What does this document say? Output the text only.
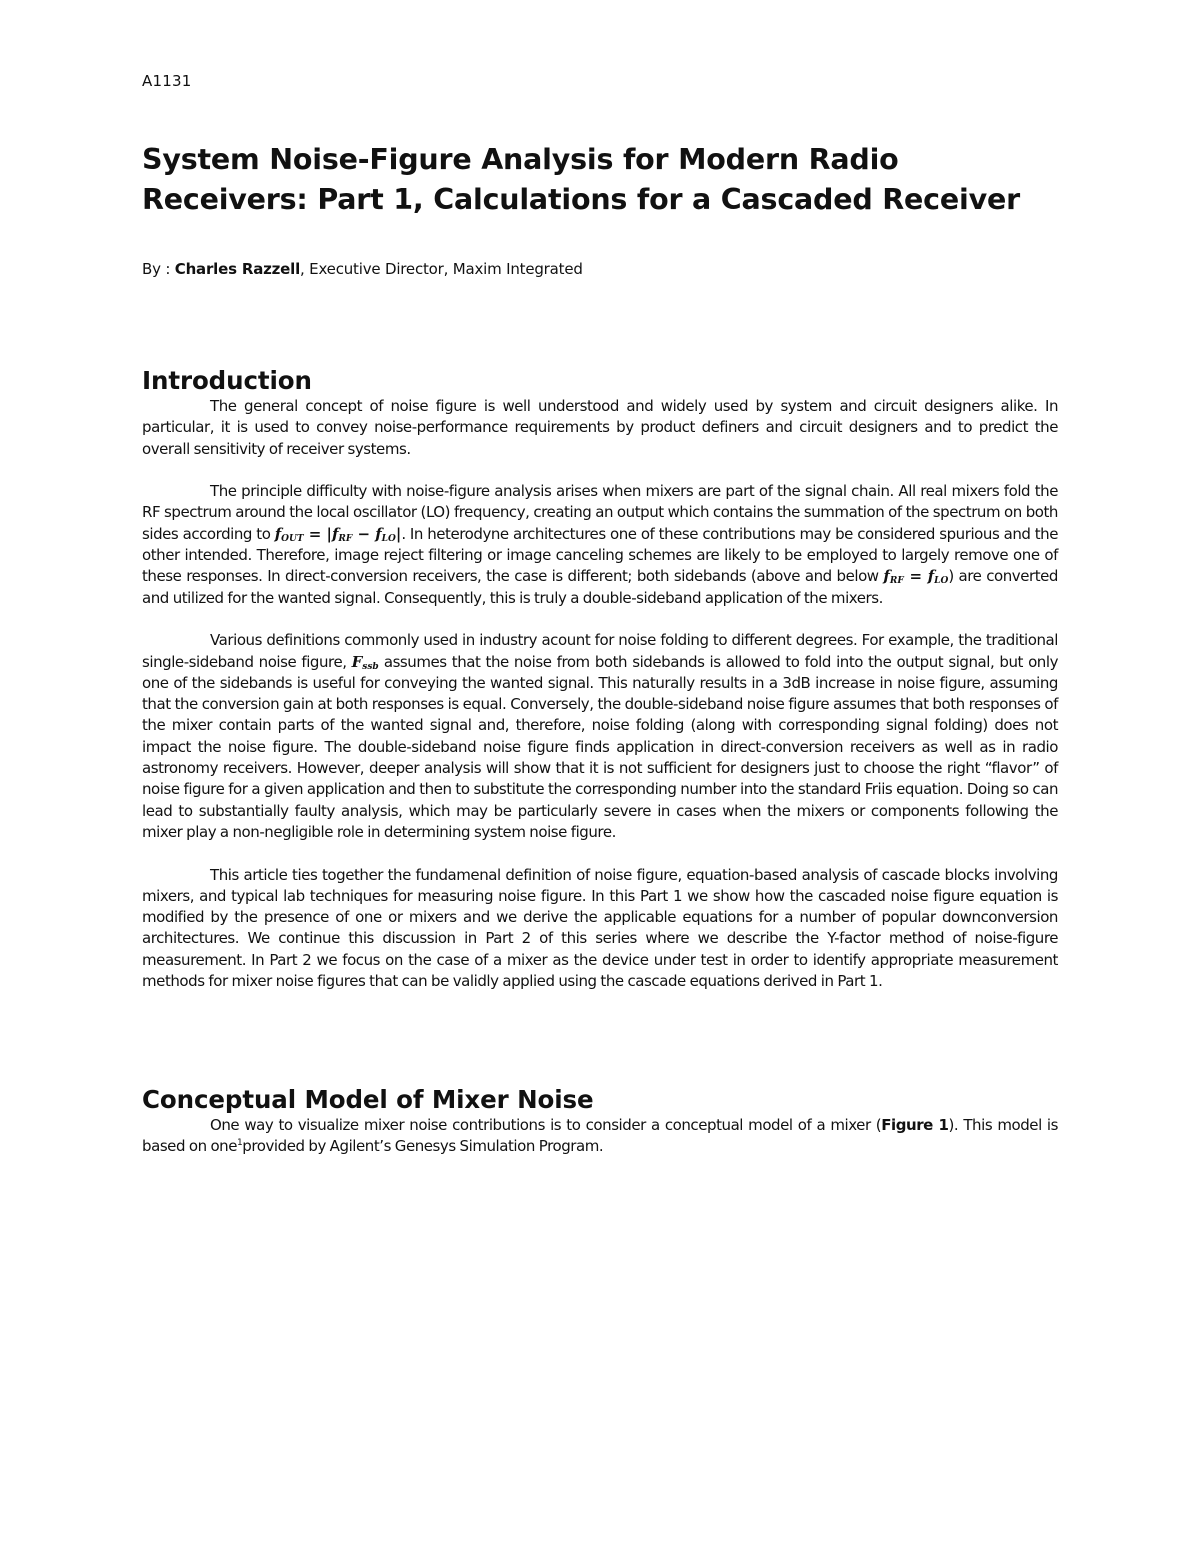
A1131
System Noise-Figure Analysis for Modern Radio
Receivers: Part 1, Calculations for a Cascaded Receiver
By : Charles Razzell, Executive Director, Maxim Integrated
Introduction

The general concept of noise figure is well understood and widely used by system and circuit designers alike. In particular, it is used to convey noise-performance requirements by product definers and circuit designers and to predict the overall sensitivity of receiver systems.

The principle difficulty with noise-figure analysis arises when mixers are part of the signal chain. All real mixers fold the RF spectrum around the local oscillator (LO) frequency, creating an output which contains the summation of the spectrum on both sides according to $f_{OUT} = |f_{RF} - f_{LO}|$. In heterodyne architectures one of these contributions may be considered spurious and the other intended. Therefore, image reject filtering or image canceling schemes are likely to be employed to largely remove one of these responses. In direct-conversion receivers, the case is different; both sidebands (above and below $f_{RF} = f_{LO}$) are converted and utilized for the wanted signal. Consequently, this is truly a double-sideband application of the mixers.

Various definitions commonly used in industry acount for noise folding to different degrees. For example, the traditional single-sideband noise figure, $F_{ssb}$ assumes that the noise from both sidebands is allowed to fold into the output signal, but only one of the sidebands is useful for conveying the wanted signal. This naturally results in a 3dB increase in noise figure, assuming that the conversion gain at both responses is equal. Conversely, the double-sideband noise figure assumes that both responses of the mixer contain parts of the wanted signal and, therefore, noise folding (along with corresponding signal folding) does not impact the noise figure. The double-sideband noise figure finds application in direct-conversion receivers as well as in radio astronomy receivers. However, deeper analysis will show that it is not sufficient for designers just to choose the right “flavor” of noise figure for a given application and then to substitute the corresponding number into the standard Friis equation. Doing so can lead to substantially faulty analysis, which may be particularly severe in cases when the mixers or components following the mixer play a non-negligible role in determining system noise figure.

This article ties together the fundamenal definition of noise figure, equation-based analysis of cascade blocks involving mixers, and typical lab techniques for measuring noise figure. In this Part 1 we show how the cascaded noise figure equation is modified by the presence of one or mixers and we derive the applicable equations for a number of popular downconversion architectures. We continue this discussion in Part 2 of this series where we describe the Y-factor method of noise-figure measurement. In Part 2 we focus on the case of a mixer as the device under test in order to identify appropriate measurement methods for mixer noise figures that can be validly applied using the cascade equations derived in Part 1.

Conceptual Model of Mixer Noise

One way to visualize mixer noise contributions is to consider a conceptual model of a mixer (Figure 1). This model is based on one$^1$provided by Agilent’s Genesys Simulation Program.
